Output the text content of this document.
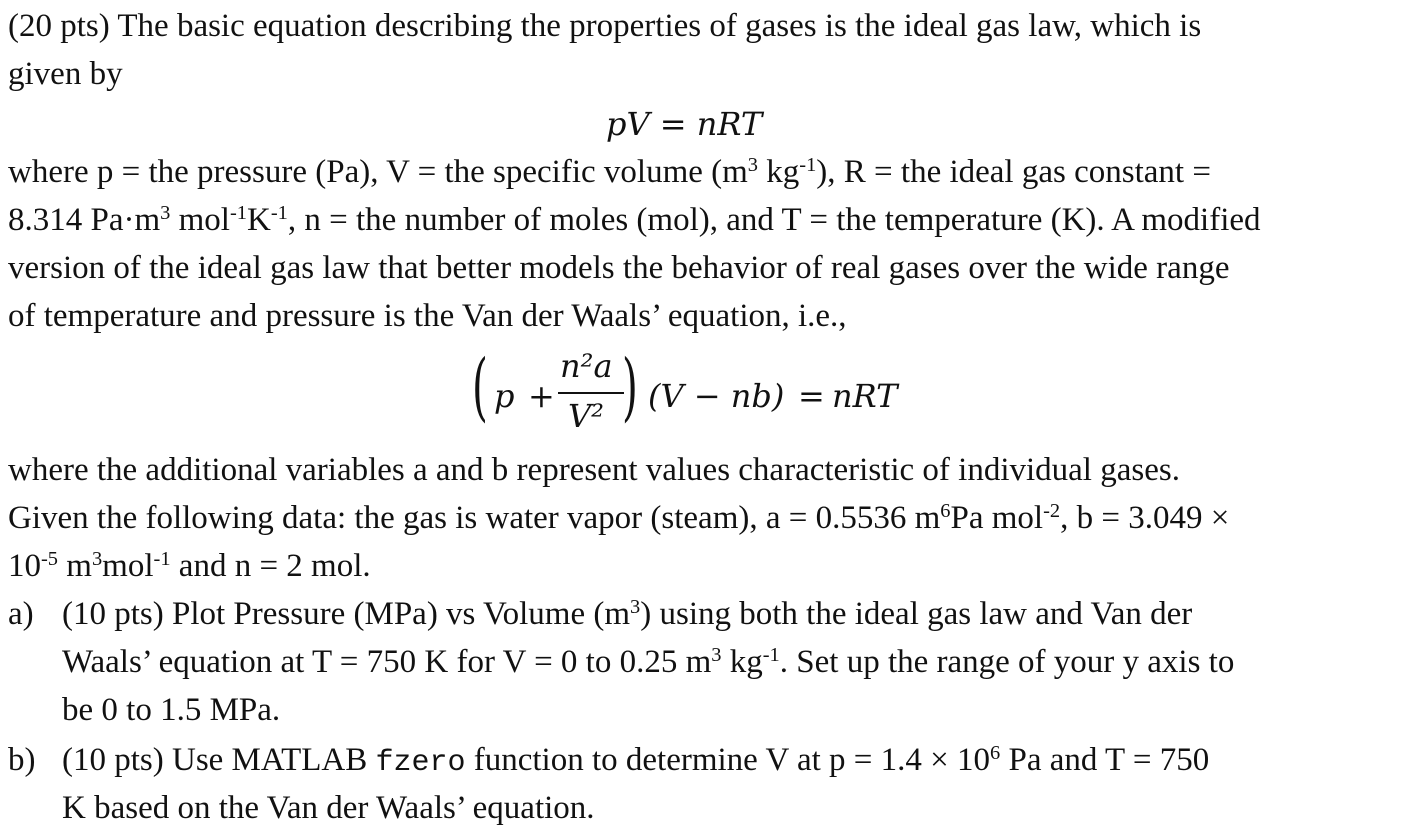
(20 pts) The basic equation describing the properties of gases is the ideal gas law, which is
given by
pV = nRT
where p = the pressure (Pa), V = the specific volume ($m^3$ $kg^{-1}$), R = the ideal gas constant =
8.314 $Pa\cdot m^3$ $mol^{-1}K^{-1}$, n = the number of moles (mol), and T = the temperature (K). A modified
version of the ideal gas law that better models the behavior of real gases over the wide range
of temperature and pressure is the Van der Waals’ equation, i.e.,
( p +
n²a
V² ) (V − nb) = nRT
where the additional variables a and b represent values characteristic of individual gases.
Given the following data: the gas is water vapor (steam), a = 0.5536 $m^6Pa$ mol$^{-2}$, b = 3.049 ×
$10^{-5}$ $m^3mol^{-1}$ and n = 2 mol.
a) (10 pts) Plot Pressure (MPa) vs Volume $(m^3)$ using both the ideal gas law and Van der
Waals’ equation at T = 750 K for V = 0 to 0.25 $m^3$ $kg^{-1}$. Set up the range of your y axis to
be 0 to 1.5 MPa.
b) (10 pts) Use MATLAB fzero function to determine V at $p = 1.4 \times 10^6$ Pa and T = 750
K based on the Van der Waals’ equation.
